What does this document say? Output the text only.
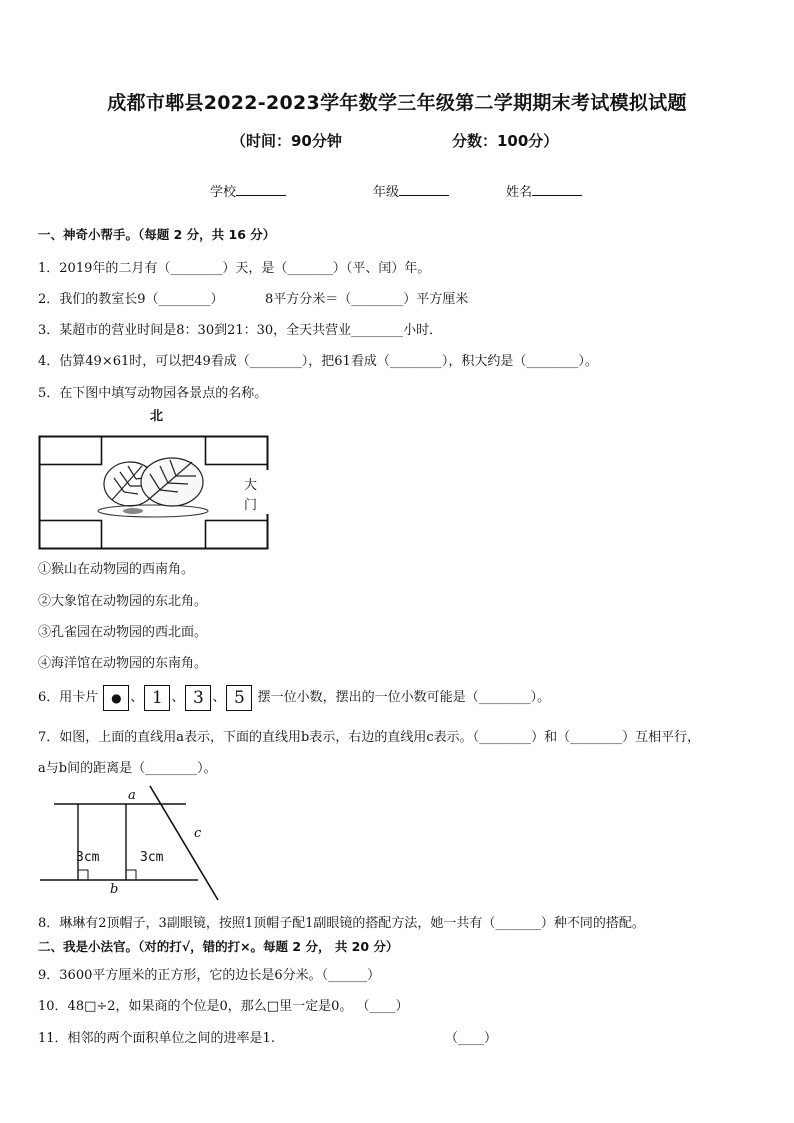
成都市郫县2022-2023学年数学三年级第二学期期末考试模拟试题
（时间：90分钟	分数：100分）
学校	年级	姓名
一、神奇小帮手。（每题 2 分，共 16 分）
1．2019年的二月有（________）天，是（_______）（平、闰）年。
2．我们的教室长9（________）	8平方分米＝（________）平方厘米
3．某超市的营业时间是8：30到21：30，全天共营业________小时．
4．估算49×61时，可以把49看成（________），把61看成（________），积大约是（________）。
5．在下图中填写动物园各景点的名称。
北
大
门
①猴山在动物园的西南角。
②大象馆在动物园的东北角。
③孔雀园在动物园的西北面。
④海洋馆在动物园的东南角。
6．用卡片 ● 、 1 、 3 、 5 摆一位小数，摆出的一位小数可能是（________）。
7．如图，上面的直线用a表示，下面的直线用b表示，右边的直线用c表示。（________）和（________）互相平行，
a与b间的距离是（________）。
a
b
c
3cm	3cm
8．琳琳有2顶帽子，3副眼镜，按照1顶帽子配1副眼镜的搭配方法，她一共有（_______）种不同的搭配。
二、我是小法官。（对的打√，错的打×。每题 2 分， 共 20 分）
9．3600平方厘米的正方形，它的边长是6分米。（______）
10．48□÷2，如果商的个位是0，那么□里一定是0。 （____）
11．相邻的两个面积单位之间的进率是1.	（____）
